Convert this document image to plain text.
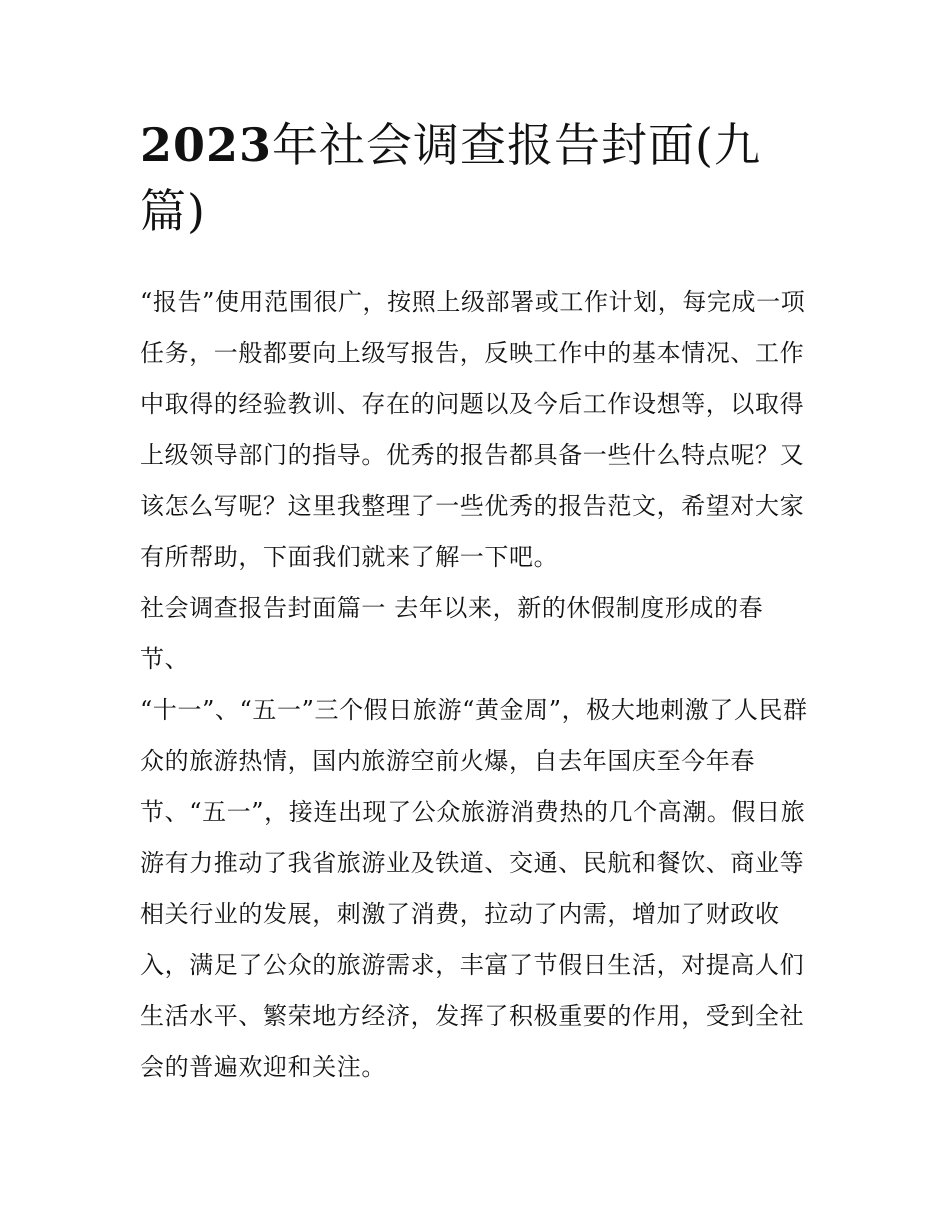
2023年社会调查报告封面(九
篇)
“报告”使用范围很广，按照上级部署或工作计划，每完成一项
任务，一般都要向上级写报告，反映工作中的基本情况、工作
中取得的经验教训、存在的问题以及今后工作设想等，以取得
上级领导部门的指导。优秀的报告都具备一些什么特点呢？又
该怎么写呢？这里我整理了一些优秀的报告范文，希望对大家
有所帮助，下面我们就来了解一下吧。
社会调查报告封面篇一 去年以来，新的休假制度形成的春
节、
“十一”、“五一”三个假日旅游“黄金周”，极大地刺激了人民群
众的旅游热情，国内旅游空前火爆，自去年国庆至今年春
节、“五一”，接连出现了公众旅游消费热的几个高潮。假日旅
游有力推动了我省旅游业及铁道、交通、民航和餐饮、商业等
相关行业的发展，刺激了消费，拉动了内需，增加了财政收
入，满足了公众的旅游需求，丰富了节假日生活，对提高人们
生活水平、繁荣地方经济，发挥了积极重要的作用，受到全社
会的普遍欢迎和关注。
